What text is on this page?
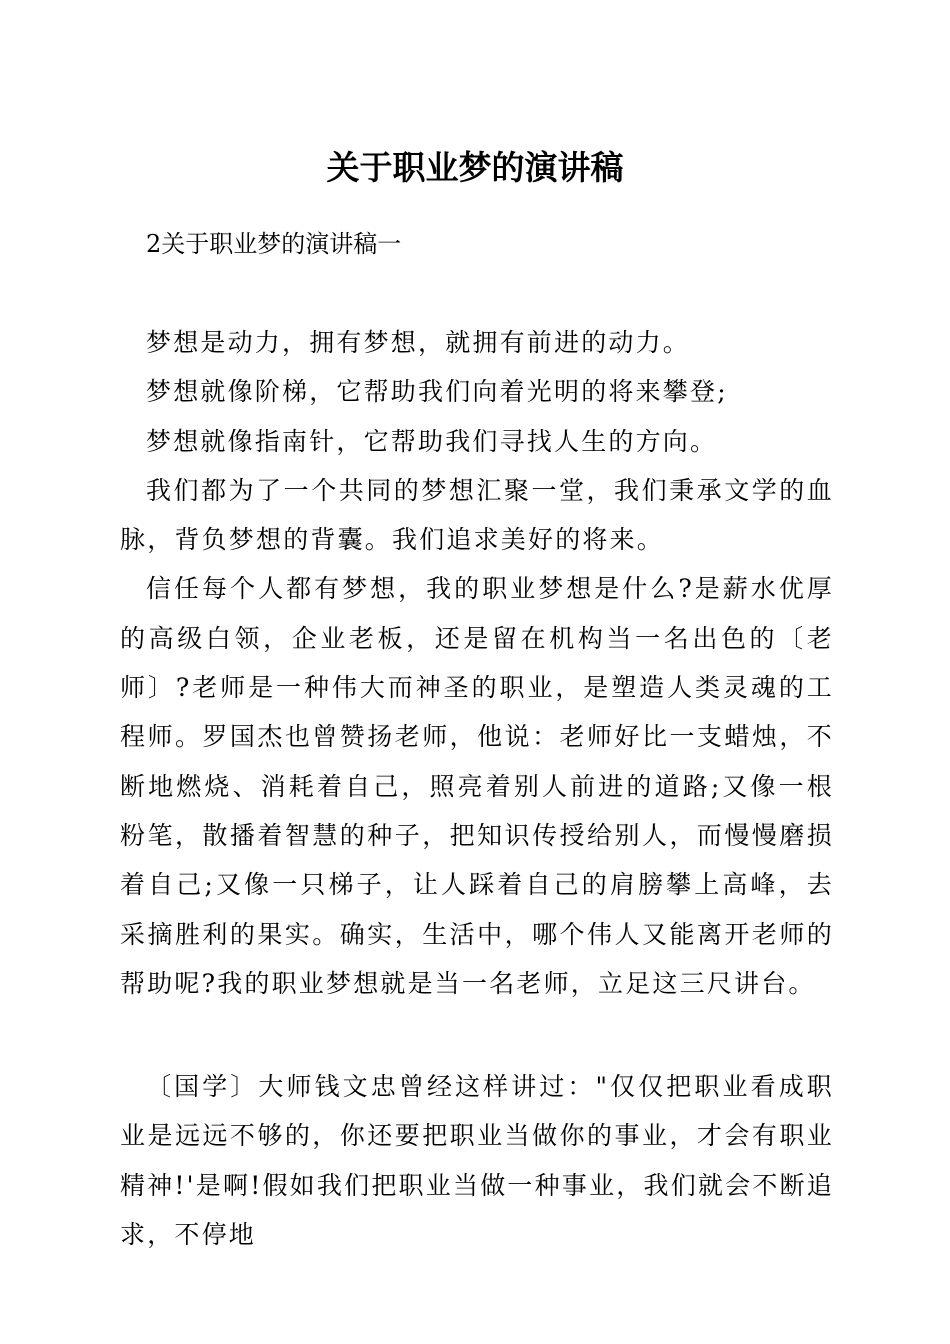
关于职业梦的演讲稿
2关于职业梦的演讲稿一

梦想是动力，拥有梦想，就拥有前进的动力。

梦想就像阶梯，它帮助我们向着光明的将来攀登;

梦想就像指南针，它帮助我们寻找人生的方向。

我们都为了一个共同的梦想汇聚一堂，我们秉承文学的血脉，背负梦想的背囊。我们追求美好的将来。

信任每个人都有梦想，我的职业梦想是什么?是薪水优厚的高级白领，企业老板，还是留在机构当一名出色的〔老师〕?老师是一种伟大而神圣的职业，是塑造人类灵魂的工程师。罗国杰也曾赞扬老师，他说：老师好比一支蜡烛，不断地燃烧、消耗着自己，照亮着别人前进的道路;又像一根粉笔，散播着智慧的种子，把知识传授给别人，而慢慢磨损着自己;又像一只梯子，让人踩着自己的肩膀攀上高峰，去采摘胜利的果实。确实，生活中，哪个伟人又能离开老师的帮助呢?我的职业梦想就是当一名老师，立足这三尺讲台。

〔国学〕大师钱文忠曾经这样讲过："仅仅把职业看成职业是远远不够的，你还要把职业当做你的事业，才会有职业精神!'是啊!假如我们把职业当做一种事业，我们就会不断追求，不停地
